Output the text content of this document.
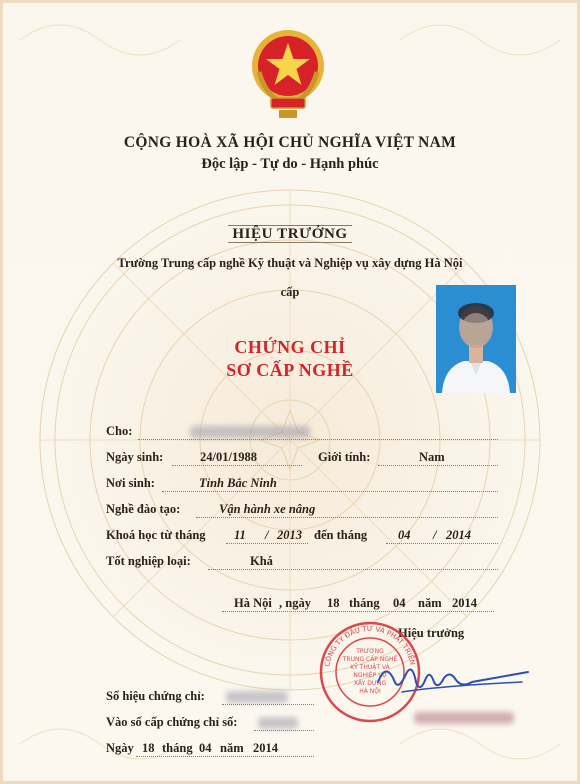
CỘNG HOÀ XÃ HỘI CHỦ NGHĨA VIỆT NAM
Độc lập - Tự do - Hạnh phúc
HIỆU TRƯỞNG
Trường Trung cấp nghề Kỹ thuật và Nghiệp vụ xây dựng Hà Nội
cấp
CHỨNG CHỈ
SƠ CẤP NGHỀ
Cho:
Ngày sinh:	24/01/1988	Giới tính:	Nam
Nơi sinh:	Tỉnh Bắc Ninh
Nghề đào tạo:	Vận hành xe nâng
Khoá học từ tháng 11 / 2013 đến tháng 04 / 2014
Tốt nghiệp loại:	Khá
Hà Nội , ngày 18 tháng 04 năm 2014
Hiệu trưởng
CÔNG TY ĐẦU TƯ VÀ PHÁT TRIỂN
TRƯỜNG
TRUNG CẤP NGHỀ
KỸ THUẬT VÀ
NGHIỆP VỤ
XÂY DỰNG
HÀ NỘI
Số hiệu chứng chỉ:
Vào số cấp chứng chỉ số:
Ngày 18 tháng 04 năm 2014
